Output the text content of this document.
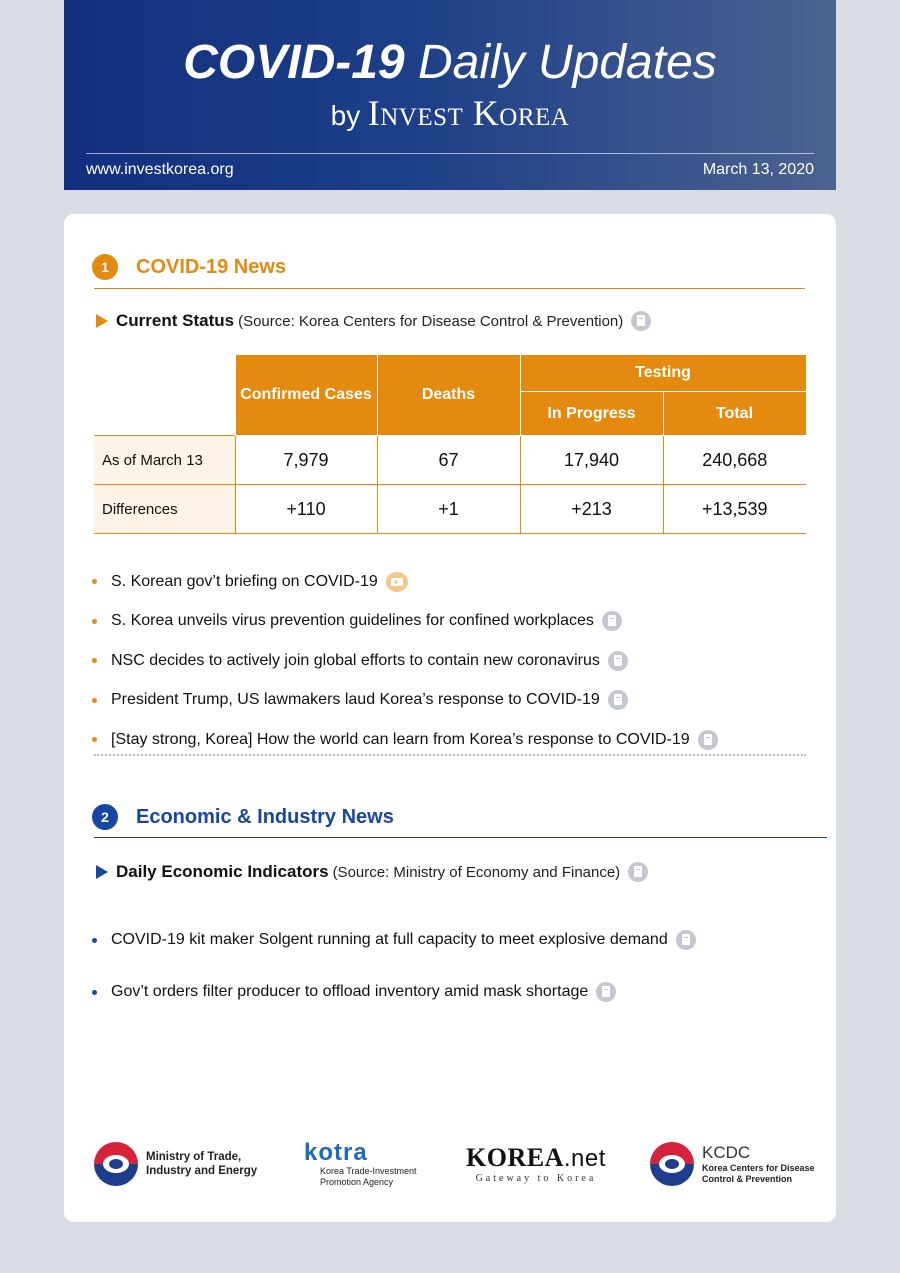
COVID-19 Daily Updates
by Invest Korea
www.investkorea.org	March 13, 2020
1	COVID-19 News
Current Status (Source: Korea Centers for Disease Control & Prevention)
	Confirmed Cases	Deaths	Testing	
			In Progress	Total
As of March 13	7,979	67	17,940	240,668
Differences	+110	+1	+213	+13,539
S. Korean gov’t briefing on COVID-19
S. Korea unveils virus prevention guidelines for confined workplaces
NSC decides to actively join global efforts to contain new coronavirus
President Trump, US lawmakers laud Korea’s response to COVID-19
[Stay strong, Korea] How the world can learn from Korea’s response to COVID-19
2	Economic & Industry News
Daily Economic Indicators (Source: Ministry of Economy and Finance)
COVID-19 kit maker Solgent running at full capacity to meet explosive demand
Gov’t orders filter producer to offload inventory amid mask shortage
Ministry of Trade,
Industry and Energy
kotra
Korea Trade-Investment
Promotion Agency
KOREA.net
Gateway to Korea
KCDC
Korea Centers for Disease
Control & Prevention
